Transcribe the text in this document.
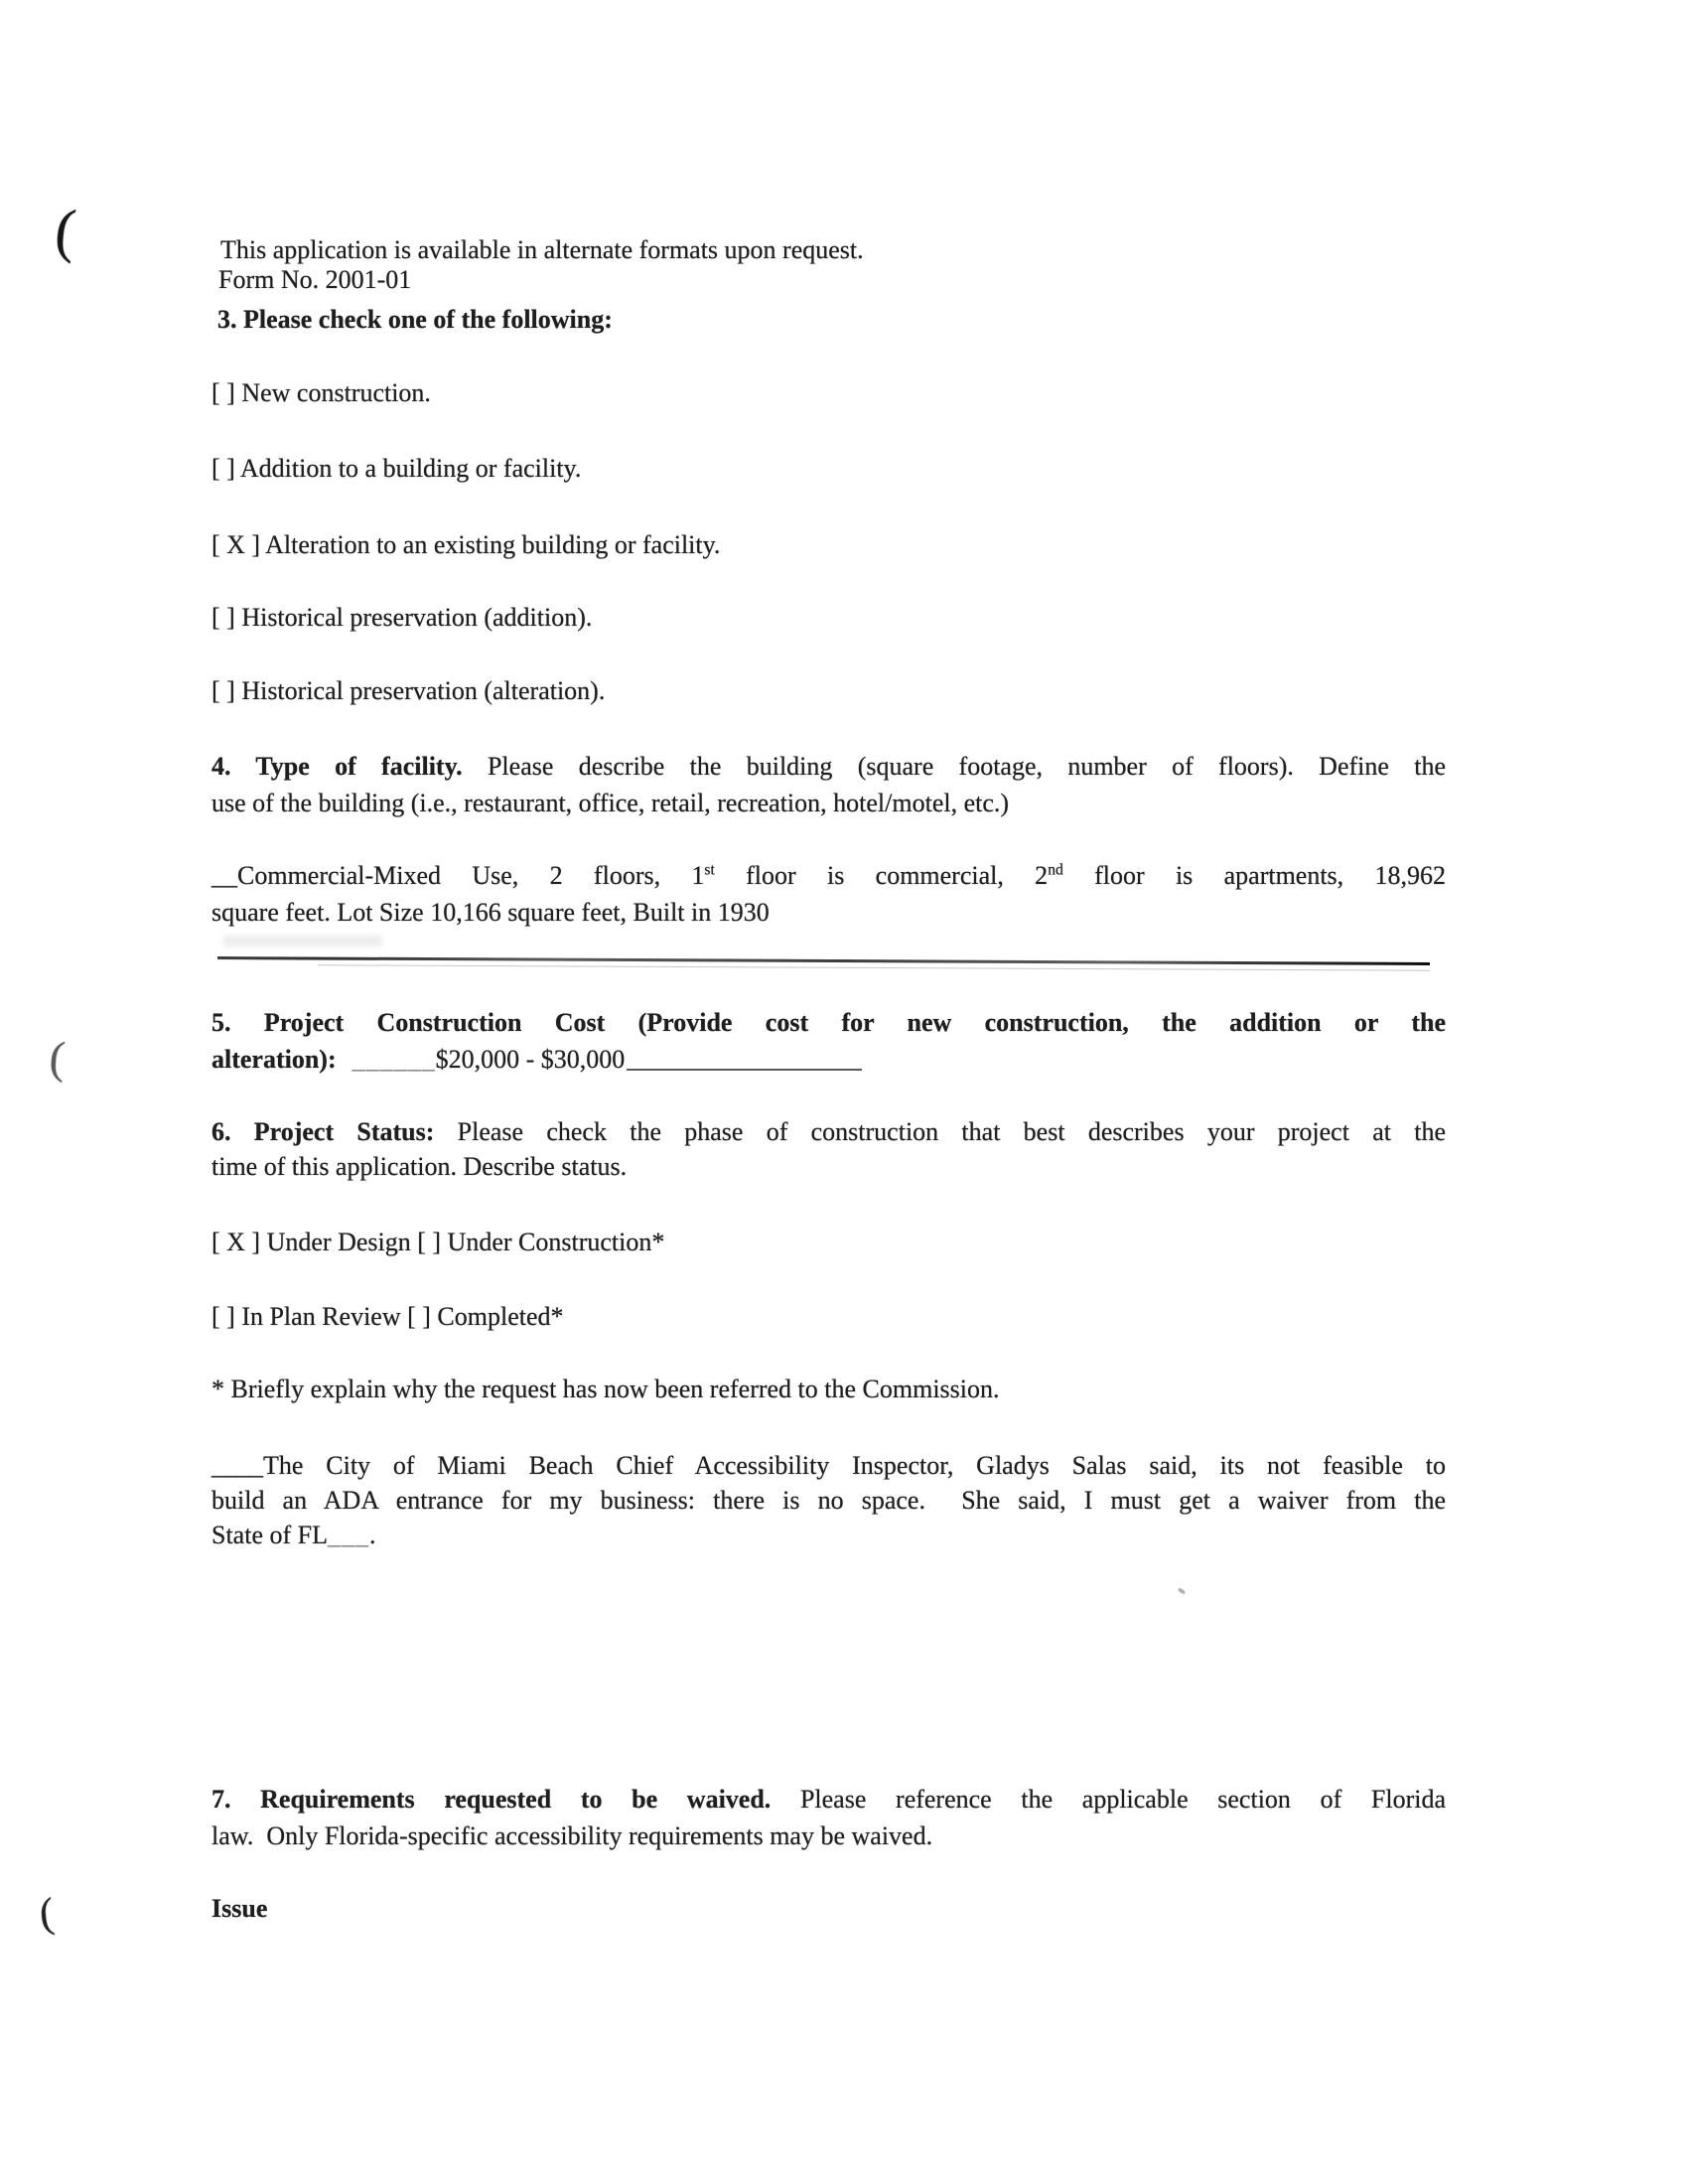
(
(
(
This application is available in alternate formats upon request.
Form No. 2001-01
3. Please check one of the following:
[ ] New construction.
[ ] Addition to a building or facility.
[ X ] Alteration to an existing building or facility.
[ ] Historical preservation (addition).
[ ] Historical preservation (alteration).
4. Type of facility. Please describe the building (square footage, number of floors). Define the
use of the building (i.e., restaurant, office, retail, recreation, hotel/motel, etc.)
__Commercial-Mixed Use, 2 floors, 1st floor is commercial, 2nd floor is apartments, 18,962
square feet. Lot Size 10,166 square feet, Built in 1930
5. Project Construction Cost (Provide cost for new construction, the addition or the
alteration): ______$20,000 - $30,000
6. Project Status: Please check the phase of construction that best describes your project at the
time of this application. Describe status.
[ X ] Under Design [ ] Under Construction*
[ ] In Plan Review [ ] Completed*
* Briefly explain why the request has now been referred to the Commission.
____The City of Miami Beach Chief Accessibility Inspector, Gladys Salas said, its not feasible to
build an ADA entrance for my business: there is no space.  She said, I must get a waiver from the
State of FL___.
7. Requirements requested to be waived. Please reference the applicable section of Florida
law.  Only Florida-specific accessibility requirements may be waived.
Issue
